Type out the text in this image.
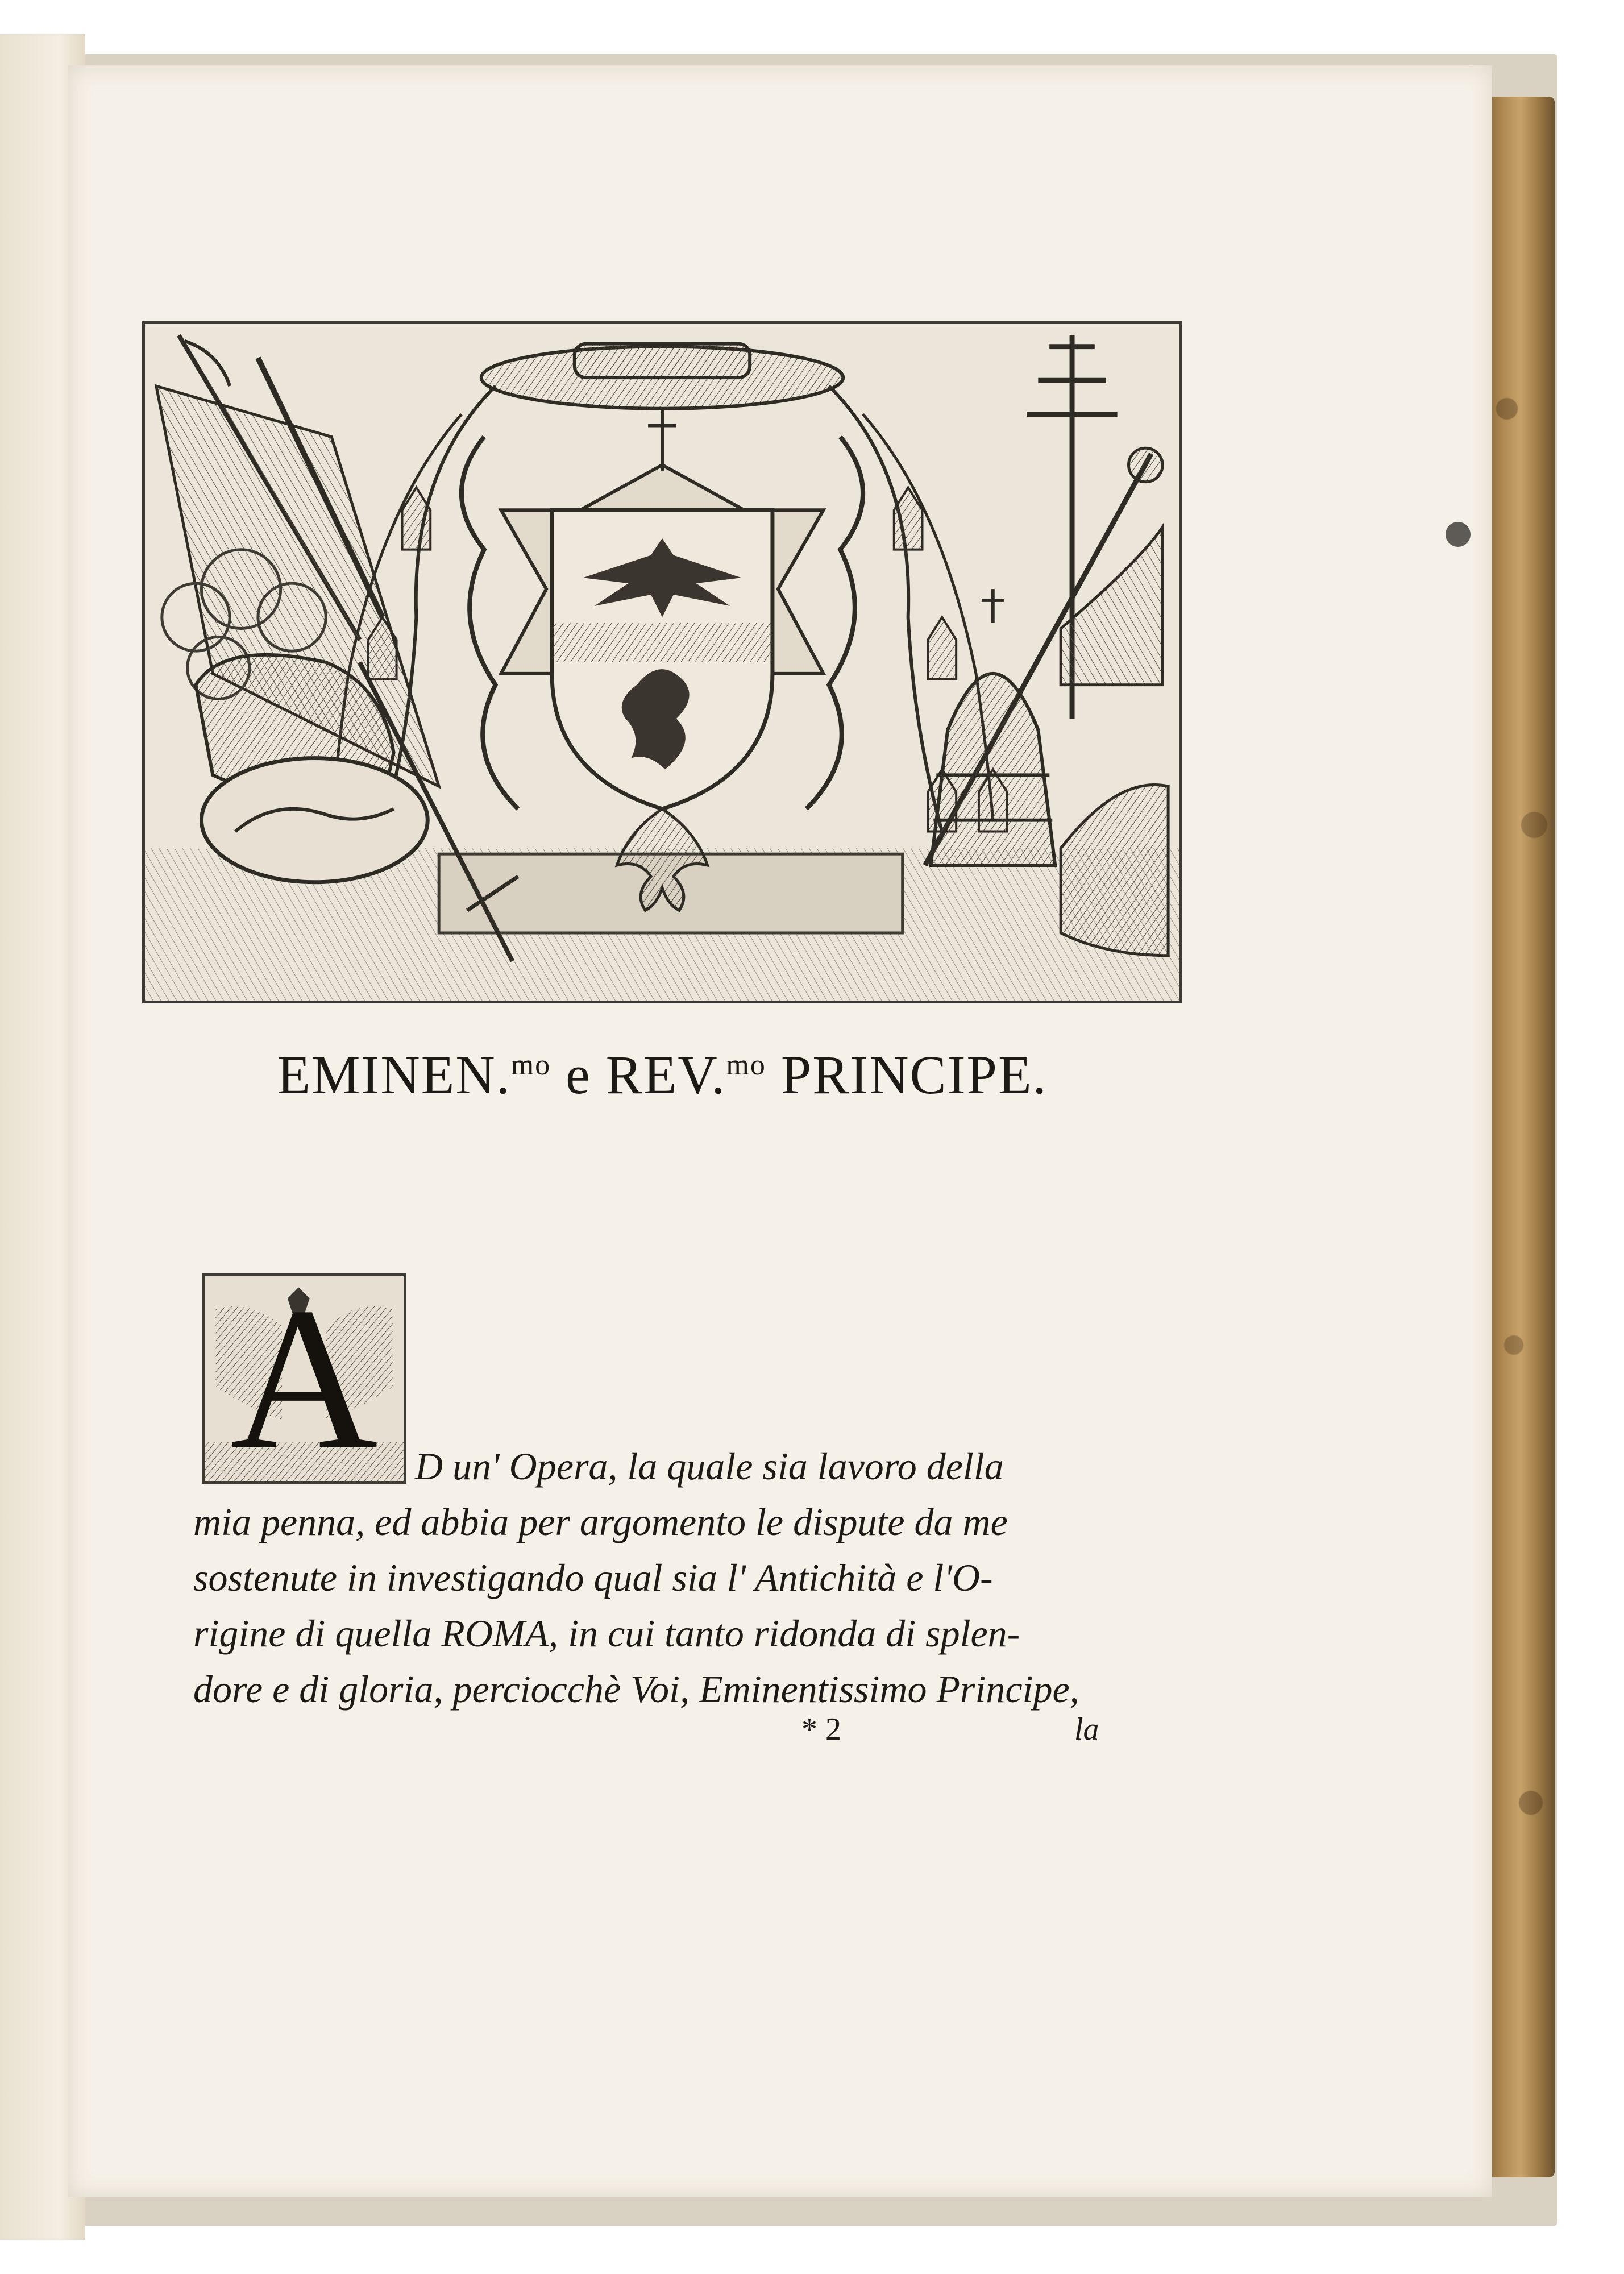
EMINEN.$^{mo}$ e REV.$^{mo}$ PRINCIPE.
A D un' Opera, la quale sia lavoro della
mia penna, ed abbia per argomento le dispute da me
sostenute in investigando qual sia l' Antichità e l'O-
rigine di quella ROMA, in cui tanto ridonda di splen-
dore e di gloria, perciocchè Voi, Eminentissimo Principe,
* 2	la
